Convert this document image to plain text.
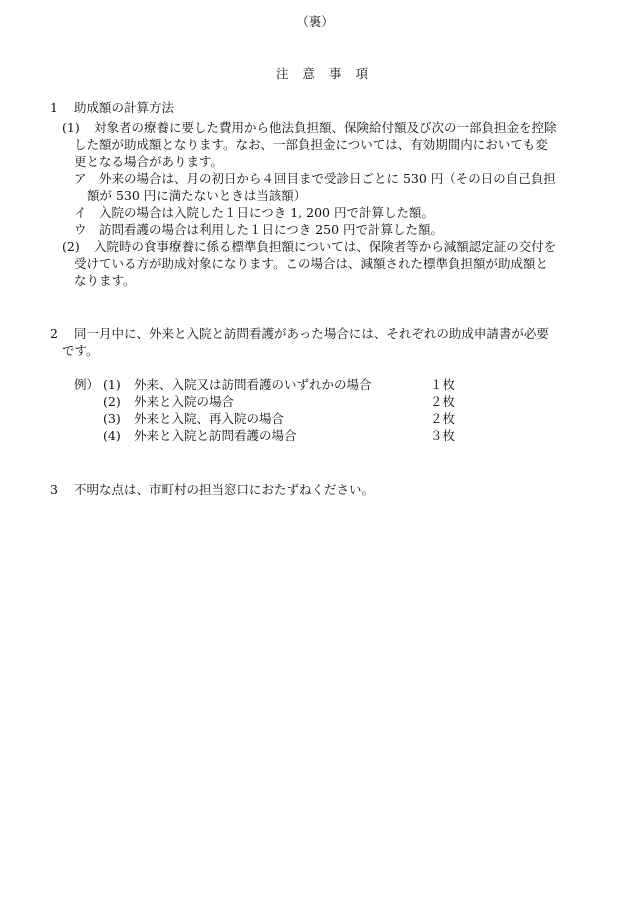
（裏）
注意事項
1 助成額の計算方法
(1) 対象者の療養に要した費用から他法負担額、保険給付額及び次の一部負担金を控除
した額が助成額となります。なお、一部負担金については、有効期間内においても変
更となる場合があります。
ア 外来の場合は、月の初日から４回目まで受診日ごとに 530 円（その日の自己負担
額が 530 円に満たないときは当該額）
イ 入院の場合は入院した１日につき 1, 200 円で計算した額。
ウ 訪問看護の場合は利用した１日につき 250 円で計算した額。
(2) 入院時の食事療養に係る標準負担額については、保険者等から減額認定証の交付を
受けている方が助成対象になります。この場合は、減額された標準負担額が助成額と
なります。
2 同一月中に、外来と入院と訪問看護があった場合には、それぞれの助成申請書が必要
です。
例） (1) 外来、入院又は訪問看護のいずれかの場合	１枚
(2) 外来と入院の場合	２枚
(3) 外来と入院、再入院の場合	２枚
(4) 外来と入院と訪問看護の場合	３枚
3 不明な点は、市町村の担当窓口におたずねください。
